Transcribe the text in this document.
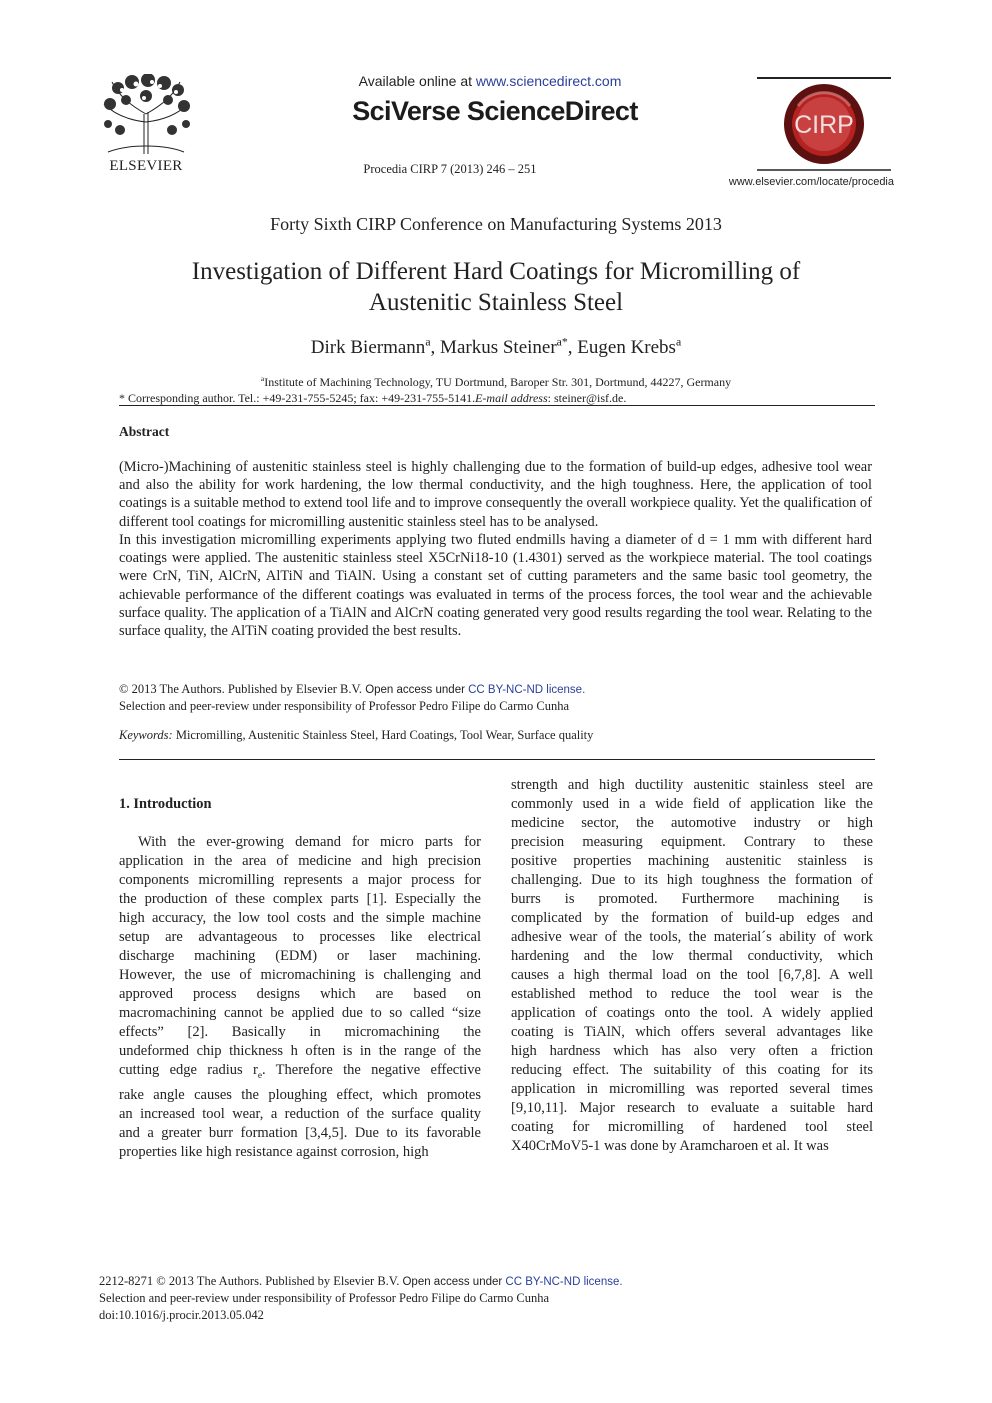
ELSEVIER
Available online at www.sciencedirect.com
SciVerse ScienceDirect
Procedia CIRP 7 (2013) 246 – 251
CIRP
www.elsevier.com/locate/procedia
Forty Sixth CIRP Conference on Manufacturing Systems 2013
Investigation of Different Hard Coatings for Micromilling of
Austenitic Stainless Steel
Dirk Biermann$^a$, Markus Steiner$^{a*}$, Eugen Krebs$^a$
$^a$Institute of Machining Technology, TU Dortmund, Baroper Str. 301, Dortmund, 44227, Germany
* Corresponding author. Tel.: +49-231-755-5245; fax: +49-231-755-5141.E-mail address: steiner@isf.de.
Abstract

(Micro-)Machining of austenitic stainless steel is highly challenging due to the formation of build-up edges, adhesive tool wear and also the ability for work hardening, the low thermal conductivity, and the high toughness. Here, the application of tool coatings is a suitable method to extend tool life and to improve consequently the overall workpiece quality. Yet the qualification of different tool coatings for micromilling austenitic stainless steel has to be analysed.

In this investigation micromilling experiments applying two fluted endmills having a diameter of d = 1 mm with different hard coatings were applied. The austenitic stainless steel X5CrNi18-10 (1.4301) served as the workpiece material. The tool coatings were CrN, TiN, AlCrN, AlTiN and TiAlN. Using a constant set of cutting parameters and the same basic tool geometry, the achievable performance of the different coatings was evaluated in terms of the process forces, the tool wear and the achievable surface quality. The application of a TiAlN and AlCrN coating generated very good results regarding the tool wear. Relating to the surface quality, the AlTiN coating provided the best results.

© 2013 The Authors. Published by Elsevier B.V. Open access under CC BY-NC-ND license.
Selection and peer-review under responsibility of Professor Pedro Filipe do Carmo Cunha
Keywords: Micromilling, Austenitic Stainless Steel, Hard Coatings, Tool Wear, Surface quality
1. Introduction
With the ever-growing demand for micro parts for
application in the area of medicine and high precision
components micromilling represents a major process for
the production of these complex parts [1]. Especially the
high accuracy, the low tool costs and the simple machine
setup are advantageous to processes like electrical
discharge machining (EDM) or laser machining.
However, the use of micromachining is challenging and
approved process designs which are based on
macromachining cannot be applied due to so called “size
effects” [2]. Basically in micromachining the
undeformed chip thickness h often is in the range of the
cutting edge radius $r_e$. Therefore the negative effective
rake angle causes the ploughing effect, which promotes
an increased tool wear, a reduction of the surface quality
and a greater burr formation [3,4,5]. Due to its favorable
properties like high resistance against corrosion, high
strength and high ductility austenitic stainless steel are
commonly used in a wide field of application like the
medicine sector, the automotive industry or high
precision measuring equipment. Contrary to these
positive properties machining austenitic stainless is
challenging. Due to its high toughness the formation of
burrs is promoted. Furthermore machining is
complicated by the formation of build-up edges and
adhesive wear of the tools, the material´s ability of work
hardening and the low thermal conductivity, which
causes a high thermal load on the tool [6,7,8]. A well
established method to reduce the tool wear is the
application of coatings onto the tool. A widely applied
coating is TiAlN, which offers several advantages like
high hardness which has also very often a friction
reducing effect. The suitability of this coating for its
application in micromilling was reported several times
[9,10,11]. Major research to evaluate a suitable hard
coating for micromilling of hardened tool steel
X40CrMoV5-1 was done by Aramcharoen et al. It was
2212-8271 © 2013 The Authors. Published by Elsevier B.V. Open access under CC BY-NC-ND license.
Selection and peer-review under responsibility of Professor Pedro Filipe do Carmo Cunha
doi:10.1016/j.procir.2013.05.042
